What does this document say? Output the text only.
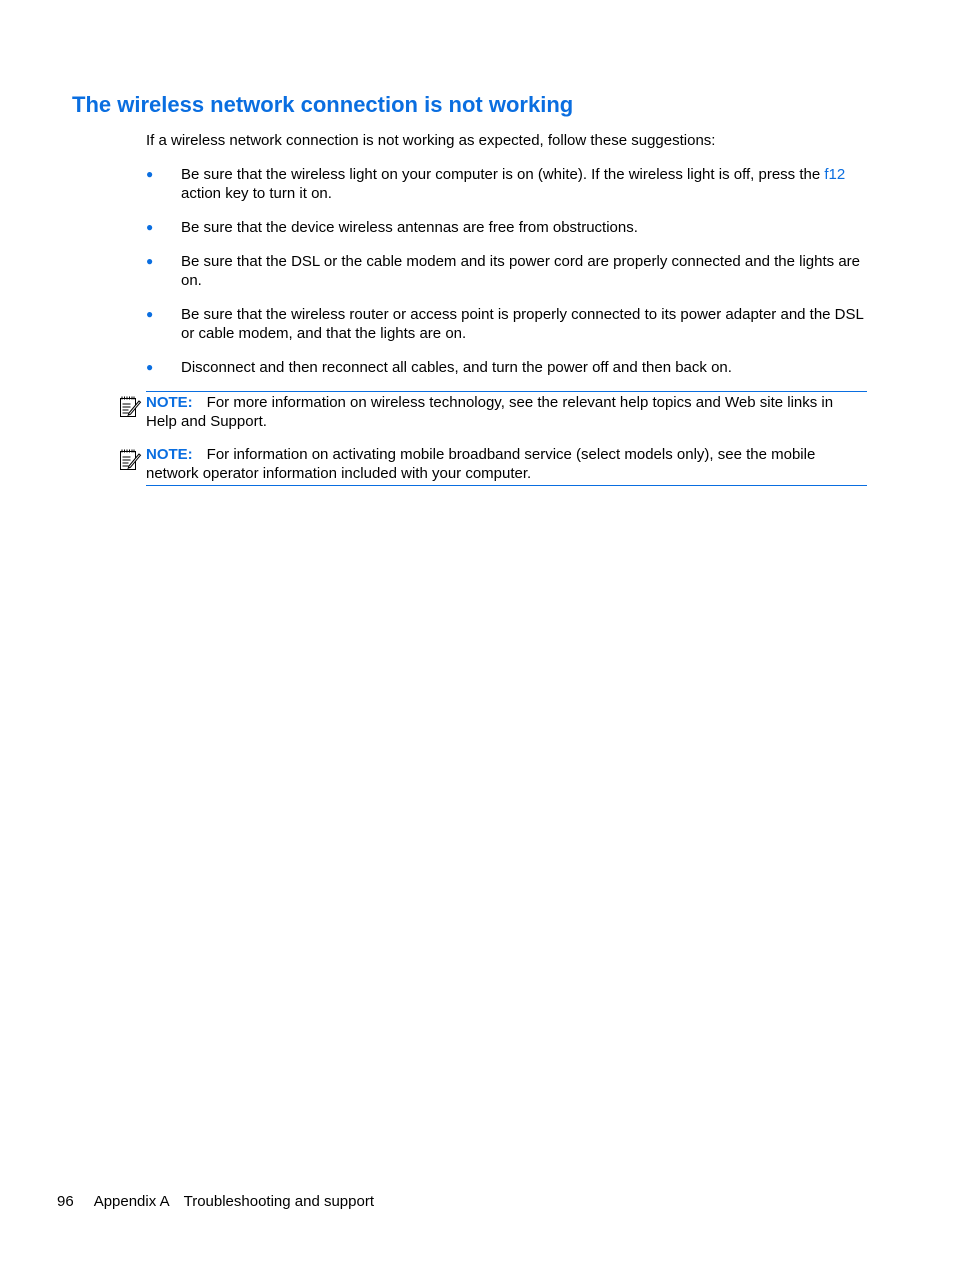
The wireless network connection is not working

If a wireless network connection is not working as expected, follow these suggestions:

● Be sure that the wireless light on your computer is on (white). If the wireless light is off, press the f12 action key to turn it on.
● Be sure that the device wireless antennas are free from obstructions.
● Be sure that the DSL or the cable modem and its power cord are properly connected and the lights are on.
● Be sure that the wireless router or access point is properly connected to its power adapter and the DSL or cable modem, and that the lights are on.
● Disconnect and then reconnect all cables, and turn the power off and then back on.
NOTE: For more information on wireless technology, see the relevant help topics and Web site links in Help and Support.
NOTE: For information on activating mobile broadband service (select models only), see the mobile network operator information included with your computer.
96 Appendix A Troubleshooting and support
